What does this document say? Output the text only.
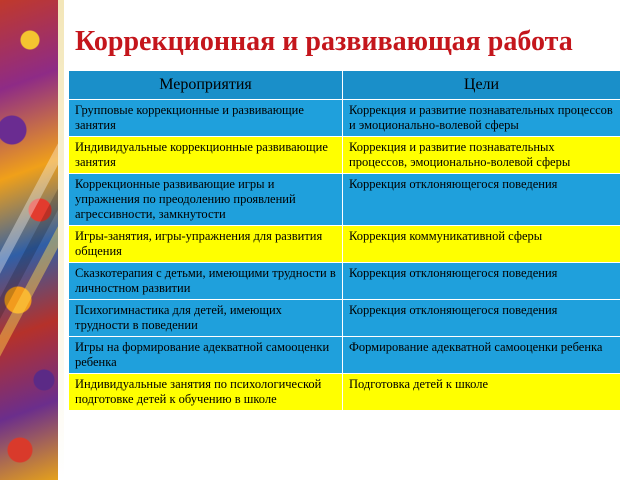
Коррекционная и развивающая работа
Мероприятия	Цели
Групповые коррекционные и развивающие занятия	Коррекция и развитие познавательных процессов и эмоционально-волевой сферы
Индивидуальные коррекционные развивающие занятия	Коррекция и развитие познавательных процессов, эмоционально-волевой сферы
Коррекционные развивающие игры и упражнения по преодолению проявлений агрессивности, замкнутости	Коррекция отклоняющегося поведения
Игры-занятия, игры-упражнения для развития общения	Коррекция коммуникативной сферы
Сказкотерапия с детьми, имеющими трудности в личностном развитии	Коррекция отклоняющегося поведения
Психогимнастика для детей, имеющих трудности в поведении	Коррекция отклоняющегося поведения
Игры на формирование адекватной самооценки ребенка	Формирование адекватной самооценки ребенка
Индивидуальные занятия по психологической подготовке детей к обучению в школе	Подготовка детей к школе
